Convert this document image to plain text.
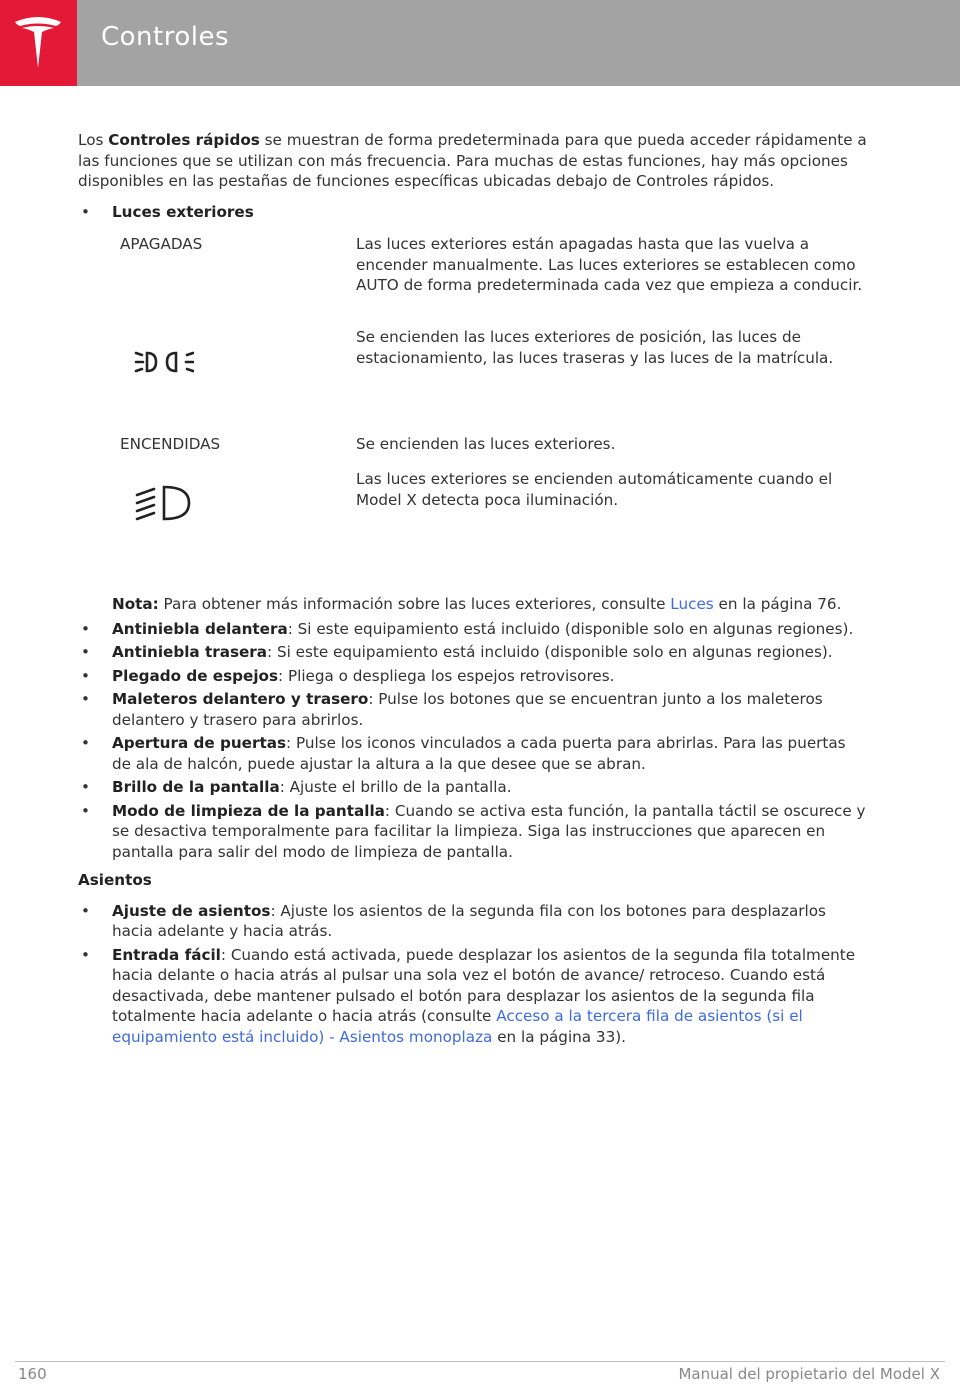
Controles

Los Controles rápidos se muestran de forma predeterminada para que pueda acceder rápidamente a las funciones que se utilizan con más frecuencia. Para muchas de estas funciones, hay más opciones disponibles en las pestañas de funciones específicas ubicadas debajo de Controles rápidos.

• Luces exteriores
APAGADAS	Las luces exteriores están apagadas hasta que las vuelva a encender manualmente. Las luces exteriores se establecen como AUTO de forma predeterminada cada vez que empieza a conducir.

Se encienden las luces exteriores de posición, las luces de estacionamiento, las luces traseras y las luces de la matrícula.

ENCENDIDAS	Se encienden las luces exteriores.

Las luces exteriores se encienden automáticamente cuando el Model X detecta poca iluminación.

Nota: Para obtener más información sobre las luces exteriores, consulte Luces en la página 76.

• Antiniebla delantera: Si este equipamiento está incluido (disponible solo en algunas regiones).
• Antiniebla trasera: Si este equipamiento está incluido (disponible solo en algunas regiones).
• Plegado de espejos: Pliega o despliega los espejos retrovisores.
• Maleteros delantero y trasero: Pulse los botones que se encuentran junto a los maleteros delantero y trasero para abrirlos.
• Apertura de puertas: Pulse los iconos vinculados a cada puerta para abrirlas. Para las puertas de ala de halcón, puede ajustar la altura a la que desee que se abran.
• Brillo de la pantalla: Ajuste el brillo de la pantalla.
• Modo de limpieza de la pantalla: Cuando se activa esta función, la pantalla táctil se oscurece y se desactiva temporalmente para facilitar la limpieza. Siga las instrucciones que aparecen en pantalla para salir del modo de limpieza de pantalla.

Asientos

• Ajuste de asientos: Ajuste los asientos de la segunda fila con los botones para desplazarlos hacia adelante y hacia atrás.
• Entrada fácil: Cuando está activada, puede desplazar los asientos de la segunda fila totalmente hacia delante o hacia atrás al pulsar una sola vez el botón de avance/ retroceso. Cuando está desactivada, debe mantener pulsado el botón para desplazar los asientos de la segunda fila totalmente hacia adelante o hacia atrás (consulte Acceso a la tercera fila de asientos (si el equipamiento está incluido) - Asientos monoplaza en la página 33).
160	Manual del propietario del Model X
